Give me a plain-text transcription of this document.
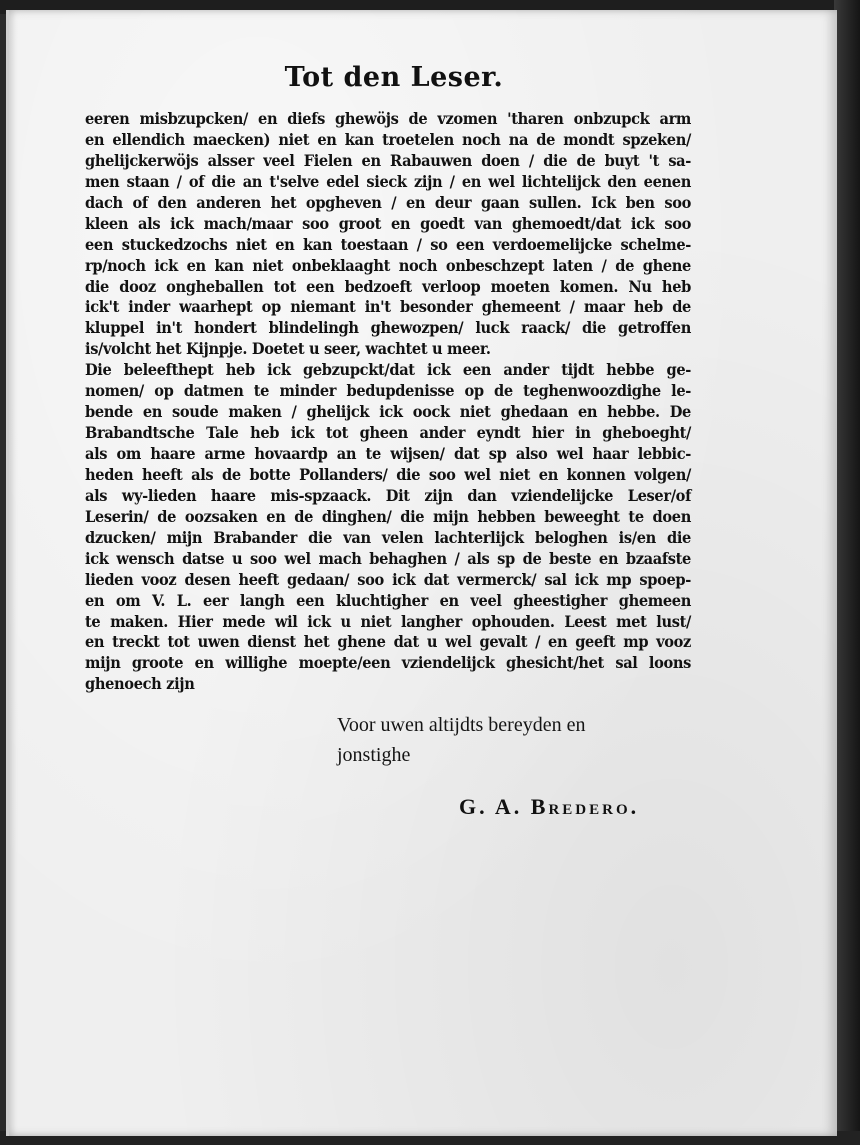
Tot den Leser.
eeren misbzupcken/ en diefs ghewöjs de vzomen 'tharen onbzupck arm
en ellendich maecken) niet en kan troetelen noch na de mondt spzeken/
ghelijckerwöjs alsser veel Fielen en Rabauwen doen / die de buyt 't sa-
men staan / of die an t'selve edel sieck zijn / en wel lichtelijck den eenen
dach of den anderen het opgheven / en deur gaan sullen. Ick ben soo
kleen als ick mach/maar soo groot en goedt van ghemoedt/dat ick soo
een stuckedzochs niet en kan toestaan / so een verdoemelijcke schelme-
rp/noch ick en kan niet onbeklaaght noch onbeschzept laten / de ghene
die dooz ongheballen tot een bedzoeft verloop moeten komen. Nu heb
ick't inder waarhept op niemant in't besonder ghemeent / maar heb de
kluppel in't hondert blindelingh ghewozpen/ luck raack/ die getroffen
is/volcht het Kijnpje. Doetet u seer, wachtet u meer.
Die beleefthept heb ick gebzupckt/dat ick een ander tijdt hebbe ge-
nomen/ op datmen te minder bedupdenisse op de teghenwoozdighe le-
bende en soude maken / ghelijck ick oock niet ghedaan en hebbe. De
Brabandtsche Tale heb ick tot gheen ander eyndt hier in gheboeght/
als om haare arme hovaardp an te wijsen/ dat sp also wel haar lebbic-
heden heeft als de botte Pollanders/ die soo wel niet en konnen volgen/
als wy-lieden haare mis-spzaack. Dit zijn dan vziendelijcke Leser/of
Leserin/ de oozsaken en de dinghen/ die mijn hebben beweeght te doen
dzucken/ mijn Brabander die van velen lachterlijck beloghen is/en die
ick wensch datse u soo wel mach behaghen / als sp de beste en bzaafste
lieden vooz desen heeft gedaan/ soo ick dat vermerck/ sal ick mp spoep-
en om V. L. eer langh een kluchtigher en veel gheestigher ghemeen
te maken. Hier mede wil ick u niet langher ophouden. Leest met lust/
en treckt tot uwen dienst het ghene dat u wel gevalt / en geeft mp vooz
mijn groote en willighe moepte/een vziendelijck ghesicht/het sal loons
ghenoech zijn
Voor uwen altijdts bereyden en
jonstighe
G. A. Bredero.
